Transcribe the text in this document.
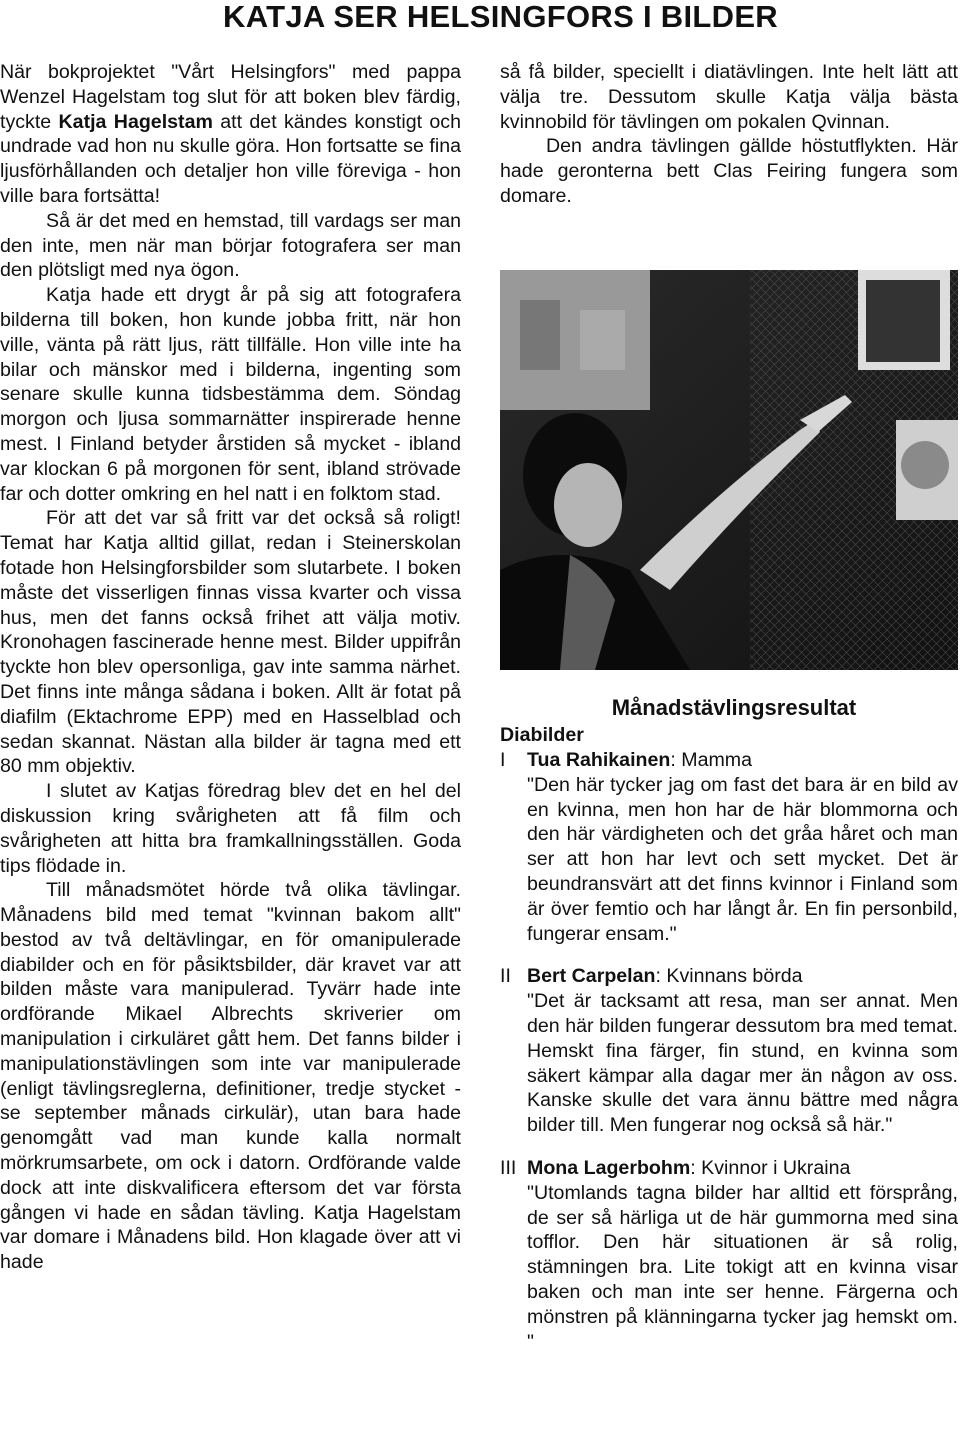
KATJA SER HELSINGFORS I BILDER

När bokprojektet "Vårt Helsingfors" med pappa Wenzel Hagelstam tog slut för att boken blev färdig, tyckte Katja Hagelstam att det kändes konstigt och undrade vad hon nu skulle göra. Hon fortsatte se fina ljusförhållanden och detaljer hon ville föreviga - hon ville bara fortsätta!

Så är det med en hemstad, till vardags ser man den inte, men när man börjar fotografera ser man den plötsligt med nya ögon.

Katja hade ett drygt år på sig att fotografera bilderna till boken, hon kunde jobba fritt, när hon ville, vänta på rätt ljus, rätt tillfälle. Hon ville inte ha bilar och mänskor med i bilderna, ingenting som senare skulle kunna tidsbestämma dem. Söndag morgon och ljusa sommarnätter inspirerade henne mest. I Finland betyder årstiden så mycket - ibland var klockan 6 på morgonen för sent, ibland strövade far och dotter omkring en hel natt i en folktom stad.

För att det var så fritt var det också så roligt! Temat har Katja alltid gillat, redan i Steinerskolan fotade hon Helsingforsbilder som slutarbete. I boken måste det visserligen finnas vissa kvarter och vissa hus, men det fanns också frihet att välja motiv. Kronohagen fascinerade henne mest. Bilder uppifrån tyckte hon blev opersonliga, gav inte samma närhet. Det finns inte många sådana i boken. Allt är fotat på diafilm (Ektachrome EPP) med en Hasselblad och sedan skannat. Nästan alla bilder är tagna med ett 80 mm objektiv.

I slutet av Katjas föredrag blev det en hel del diskussion kring svårigheten att få film och svårigheten att hitta bra framkallningsställen. Goda tips flödade in.

Till månadsmötet hörde två olika tävlingar. Månadens bild med temat "kvinnan bakom allt" bestod av två deltävlingar, en för omanipulerade diabilder och en för påsiktsbilder, där kravet var att bilden måste vara manipulerad. Tyvärr hade inte ordförande Mikael Albrechts skriverier om manipulation i cirkuläret gått hem. Det fanns bilder i manipulationstävlingen som inte var manipulerade (enligt tävlingsreglerna, definitioner, tredje stycket - se september månads cirkulär), utan bara hade genomgått vad man kunde kalla normalt mörkrumsarbete, om ock i datorn. Ordförande valde dock att inte diskvalificera eftersom det var första gången vi hade en sådan tävling. Katja Hagelstam var domare i Månadens bild. Hon klagade över att vi hade

så få bilder, speciellt i diatävlingen. Inte helt lätt att välja tre. Dessutom skulle Katja välja bästa kvinnobild för tävlingen om pokalen Qvinnan.

Den andra tävlingen gällde höstutflykten. Här hade geronterna bett Clas Feiring fungera som domare.

Månadstävlingsresultat
Diabilder
I	Tua Rahikainen: Mamma
"Den här tycker jag om fast det bara är en bild av en kvinna, men hon har de här blommorna och den här värdigheten och det gråa håret och man ser att hon har levt och sett mycket. Det är beundransvärt att det finns kvinnor i Finland som är över femtio och har långt år. En fin personbild, fungerar ensam."
II Bert Carpelan: Kvinnans börda
"Det är tacksamt att resa, man ser annat. Men den här bilden fungerar dessutom bra med temat. Hemskt fina färger, fin stund, en kvinna som säkert kämpar alla dagar mer än någon av oss. Kanske skulle det vara ännu bättre med några bilder till. Men fungerar nog också så här."
III Mona Lagerbohm: Kvinnor i Ukraina
"Utomlands tagna bilder har alltid ett försprång, de ser så härliga ut de här gummorna med sina tofflor. Den här situationen är så rolig, stämningen bra. Lite tokigt att en kvinna visar baken och man inte ser henne. Färgerna och mönstren på klänningarna tycker jag hemskt om. "
